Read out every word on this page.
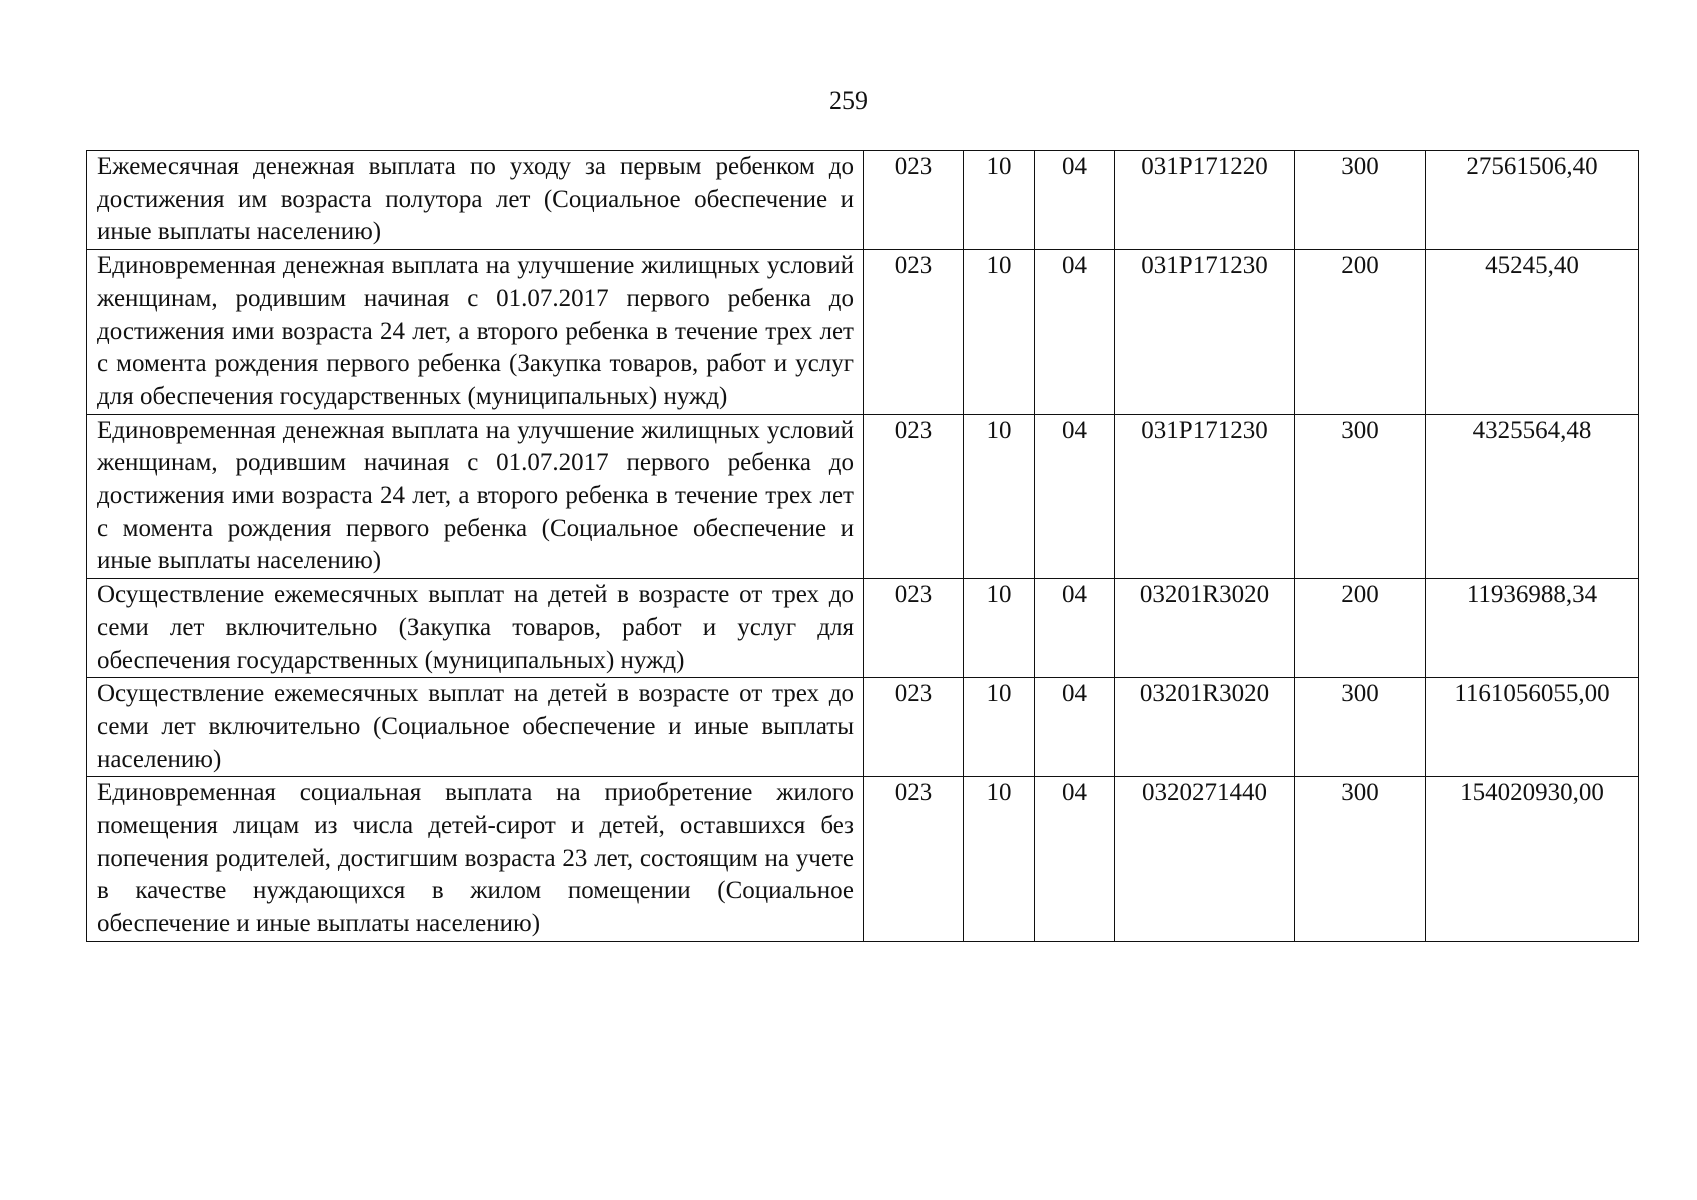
259
Ежемесячная денежная выплата по уходу за первым ребенком до достижения им возраста полутора лет (Социальное обеспечение и иные выплаты населению)	023	10	04	031P171220	300	27561506,40
Единовременная денежная выплата на улучшение жилищных условий женщинам, родившим начиная с 01.07.2017 первого ребенка до достижения ими возраста 24 лет, а второго ребенка в течение трех лет с момента рождения первого ребенка (Закупка товаров, работ и услуг для обеспечения государственных (муниципальных) нужд)	023	10	04	031P171230	200	45245,40
Единовременная денежная выплата на улучшение жилищных условий женщинам, родившим начиная с 01.07.2017 первого ребенка до достижения ими возраста 24 лет, а второго ребенка в течение трех лет с момента рождения первого ребенка (Социальное обеспечение и иные выплаты населению)	023	10	04	031P171230	300	4325564,48
Осуществление ежемесячных выплат на детей в возрасте от трех до семи лет включительно (Закупка товаров, работ и услуг для обеспечения государственных (муниципальных) нужд)	023	10	04	03201R3020	200	11936988,34
Осуществление ежемесячных выплат на детей в возрасте от трех до семи лет включительно (Социальное обеспечение и иные выплаты населению)	023	10	04	03201R3020	300	1161056055,00
Единовременная социальная выплата на приобретение жилого помещения лицам из числа детей-сирот и детей, оставшихся без попечения родителей, достигшим возраста 23 лет, состоящим на учете в качестве нуждающихся в жилом помещении (Социальное обеспечение и иные выплаты населению)	023	10	04	0320271440	300	154020930,00
